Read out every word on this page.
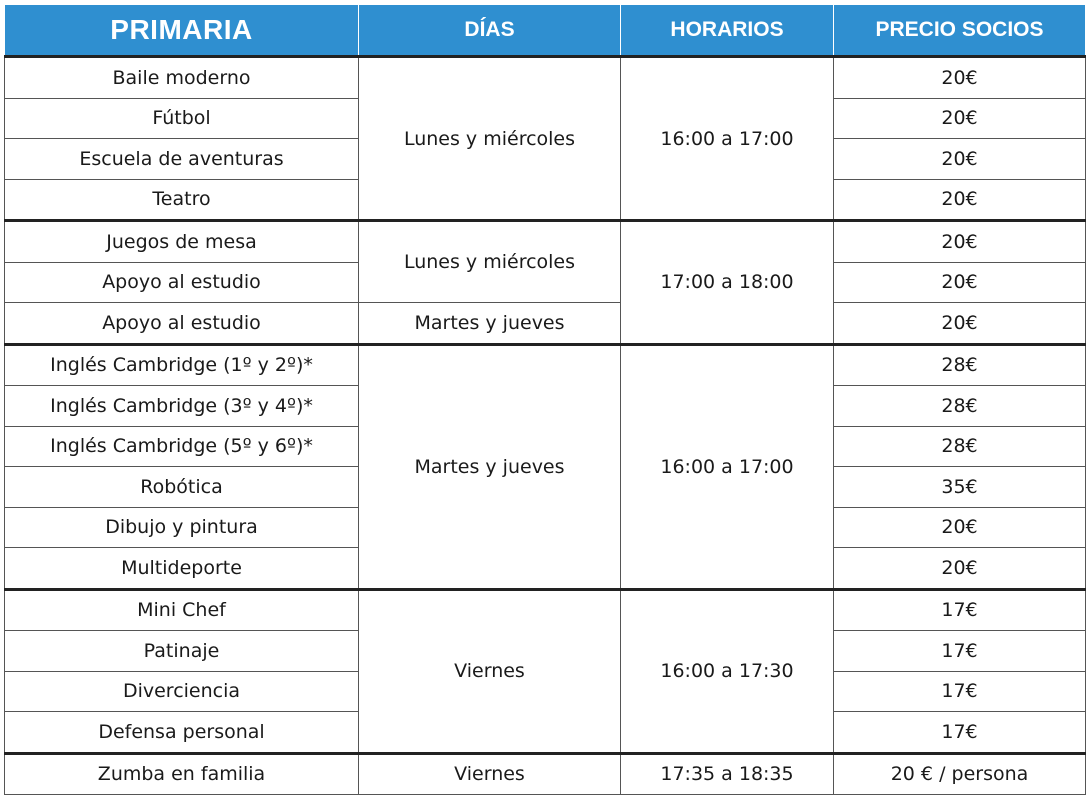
PRIMARIA	DÍAS	HORARIOS	PRECIO SOCIOS
Baile moderno	Lunes y miércoles	16:00 a 17:00	20€
Fútbol			20€
Escuela de aventuras			20€
Teatro			20€
Juegos de mesa	Lunes y miércoles	17:00 a 18:00	20€
Apoyo al estudio			20€
Apoyo al estudio	Martes y jueves		20€
Inglés Cambridge (1º y 2º)*	Martes y jueves	16:00 a 17:00	28€
Inglés Cambridge (3º y 4º)*			28€
Inglés Cambridge (5º y 6º)*			28€
Robótica			35€
Dibujo y pintura			20€
Multideporte			20€
Mini Chef	Viernes	16:00 a 17:30	17€
Patinaje			17€
Diverciencia			17€
Defensa personal			17€
Zumba en familia	Viernes	17:35 a 18:35	20 € / persona
